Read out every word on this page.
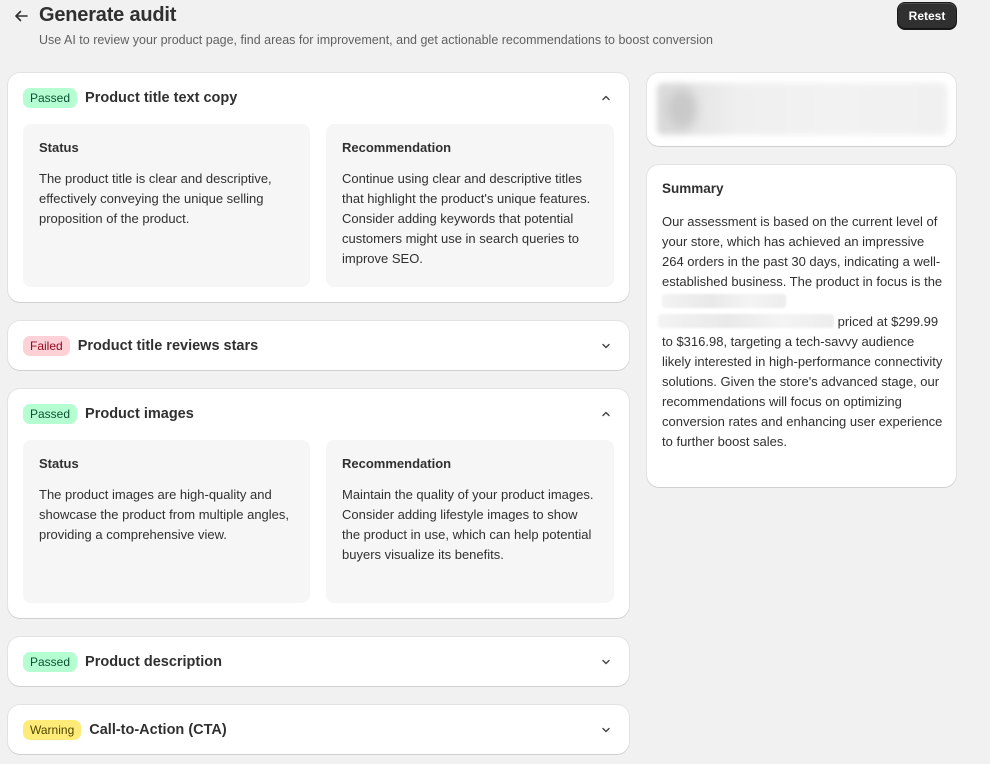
Generate audit
Use AI to review your product page, find areas for improvement, and get actionable recommendations to boost conversion
Retest
Passed	Product title text copy
Status
The product title is clear and descriptive, effectively conveying the unique selling proposition of the product.
Recommendation
Continue using clear and descriptive titles that highlight the product's unique features. Consider adding keywords that potential customers might use in search queries to improve SEO.
Failed	Product title reviews stars
Passed	Product images
Status
The product images are high-quality and showcase the product from multiple angles, providing a comprehensive view.
Recommendation
Maintain the quality of your product images. Consider adding lifestyle images to show the product in use, which can help potential buyers visualize its benefits.
Passed	Product description
Warning	Call-to-Action (CTA)
Summary
Our assessment is based on the current level of your store, which has achieved an impressive 264 orders in the past 30 days, indicating a well-established business. The product in focus is the   priced at $299.99 to $316.98, targeting a tech-savvy audience likely interested in high-performance connectivity solutions. Given the store's advanced stage, our recommendations will focus on optimizing conversion rates and enhancing user experience to further boost sales.
